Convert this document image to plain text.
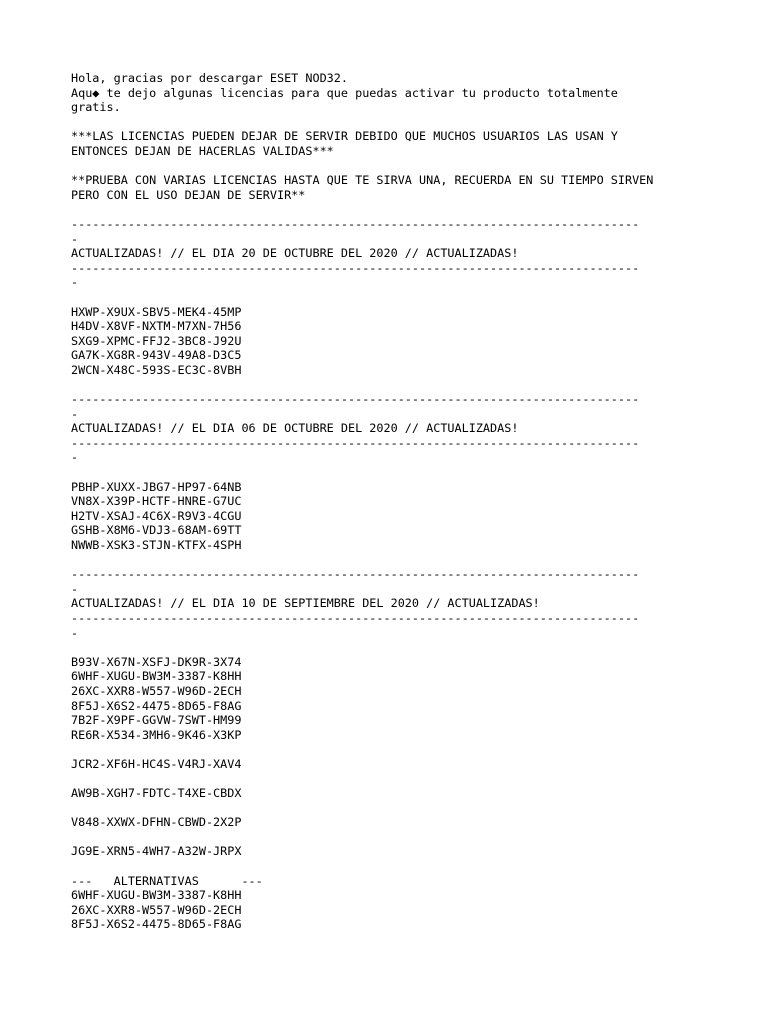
Hola, gracias por descargar ESET NOD32.
Aqu◆ te dejo algunas licencias para que puedas activar tu producto totalmente
gratis.
***LAS LICENCIAS PUEDEN DEJAR DE SERVIR DEBIDO QUE MUCHOS USUARIOS LAS USAN Y
ENTONCES DEJAN DE HACERLAS VALIDAS***
**PRUEBA CON VARIAS LICENCIAS HASTA QUE TE SIRVA UNA, RECUERDA EN SU TIEMPO SIRVEN
PERO CON EL USO DEJAN DE SERVIR**
--------------------------------------------------------------------------------
-
ACTUALIZADAS! // EL DIA 20 DE OCTUBRE DEL 2020 // ACTUALIZADAS!
--------------------------------------------------------------------------------
-
HXWP-X9UX-SBV5-MEK4-45MP
H4DV-X8VF-NXTM-M7XN-7H56
SXG9-XPMC-FFJ2-3BC8-J92U
GA7K-XG8R-943V-49A8-D3C5
2WCN-X48C-593S-EC3C-8VBH
--------------------------------------------------------------------------------
-
ACTUALIZADAS! // EL DIA 06 DE OCTUBRE DEL 2020 // ACTUALIZADAS!
--------------------------------------------------------------------------------
-
PBHP-XUXX-JBG7-HP97-64NB
VN8X-X39P-HCTF-HNRE-G7UC
H2TV-XSAJ-4C6X-R9V3-4CGU
GSHB-X8M6-VDJ3-68AM-69TT
NWWB-XSK3-STJN-KTFX-4SPH
--------------------------------------------------------------------------------
-
ACTUALIZADAS! // EL DIA 10 DE SEPTIEMBRE DEL 2020 // ACTUALIZADAS!
--------------------------------------------------------------------------------
-
B93V-X67N-XSFJ-DK9R-3X74
6WHF-XUGU-BW3M-3387-K8HH
26XC-XXR8-W557-W96D-2ECH
8F5J-X6S2-4475-8D65-F8AG
7B2F-X9PF-GGVW-7SWT-HM99
RE6R-X534-3MH6-9K46-X3KP
JCR2-XF6H-HC4S-V4RJ-XAV4
AW9B-XGH7-FDTC-T4XE-CBDX
V848-XXWX-DFHN-CBWD-2X2P
JG9E-XRN5-4WH7-A32W-JRPX
---   ALTERNATIVAS      ---
6WHF-XUGU-BW3M-3387-K8HH
26XC-XXR8-W557-W96D-2ECH
8F5J-X6S2-4475-8D65-F8AG
